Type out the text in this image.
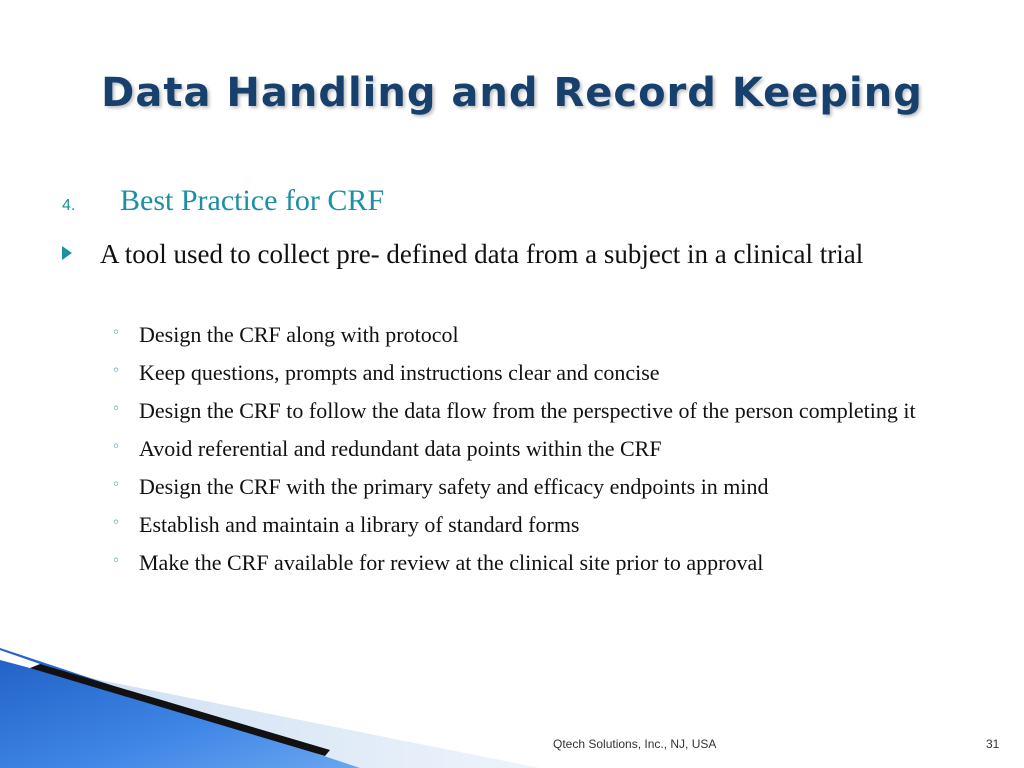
Data Handling and Record Keeping
4.	Best Practice for CRF
A tool used to collect pre- defined data from a subject in a clinical trial
◦ Design the CRF along with protocol
◦ Keep questions, prompts and instructions clear and concise
◦ Design the CRF to follow the data flow from the perspective of the person completing it
◦ Avoid referential and redundant data points within the CRF
◦ Design the CRF with the primary safety and efficacy endpoints in mind
◦ Establish and maintain a library of standard forms
◦ Make the CRF available for review at the clinical site prior to approval
Qtech Solutions, Inc., NJ, USA	31
